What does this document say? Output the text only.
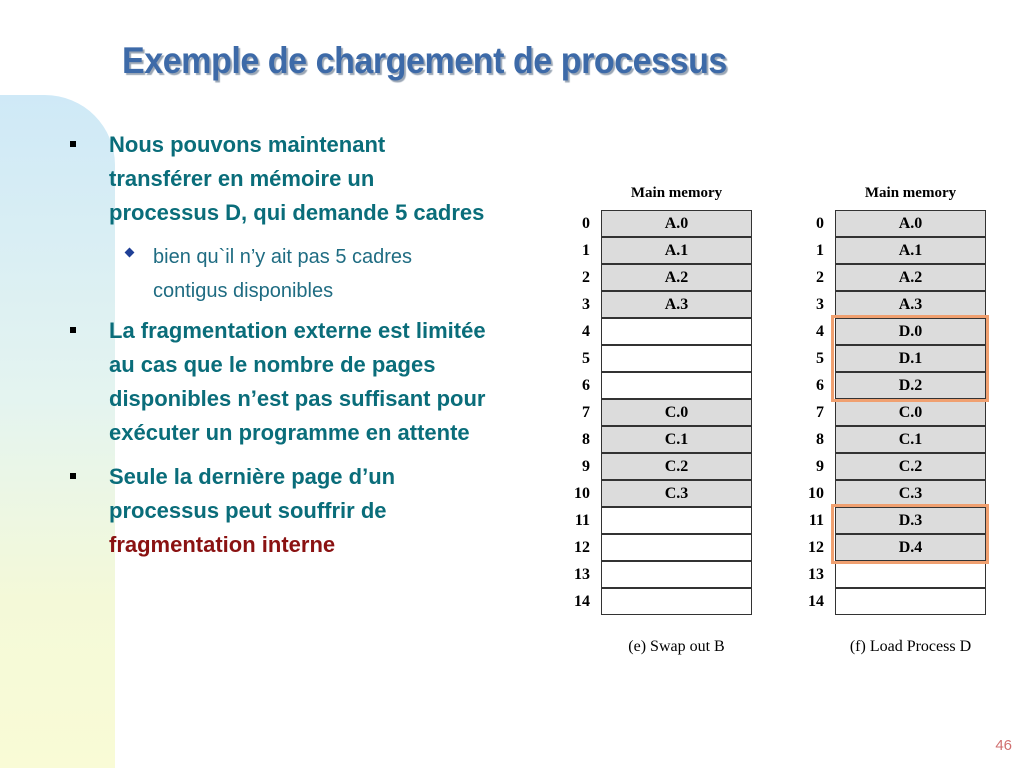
Exemple de chargement de processus
Nous pouvons maintenant transférer en mémoire un processus D, qui demande 5 cadres
bien qu`il n’y ait pas 5 cadres contigus disponibles
La fragmentation externe est limitée au cas que le nombre de pages disponibles n’est pas suffisant pour exécuter un programme en attente
Seule la dernière page d’un processus peut souffrir de fragmentation interne
Main memory
0	A.0
1	A.1
2	A.2
3	A.3
4
5
6
7	C.0
8	C.1
9	C.2
10	C.3
11
12
13
14
(e) Swap out B
Main memory
0	A.0
1	A.1
2	A.2
3	A.3
4	D.0
5	D.1
6	D.2
7	C.0
8	C.1
9	C.2
10	C.3
11	D.3
12	D.4
13
14
(f) Load Process D
46
